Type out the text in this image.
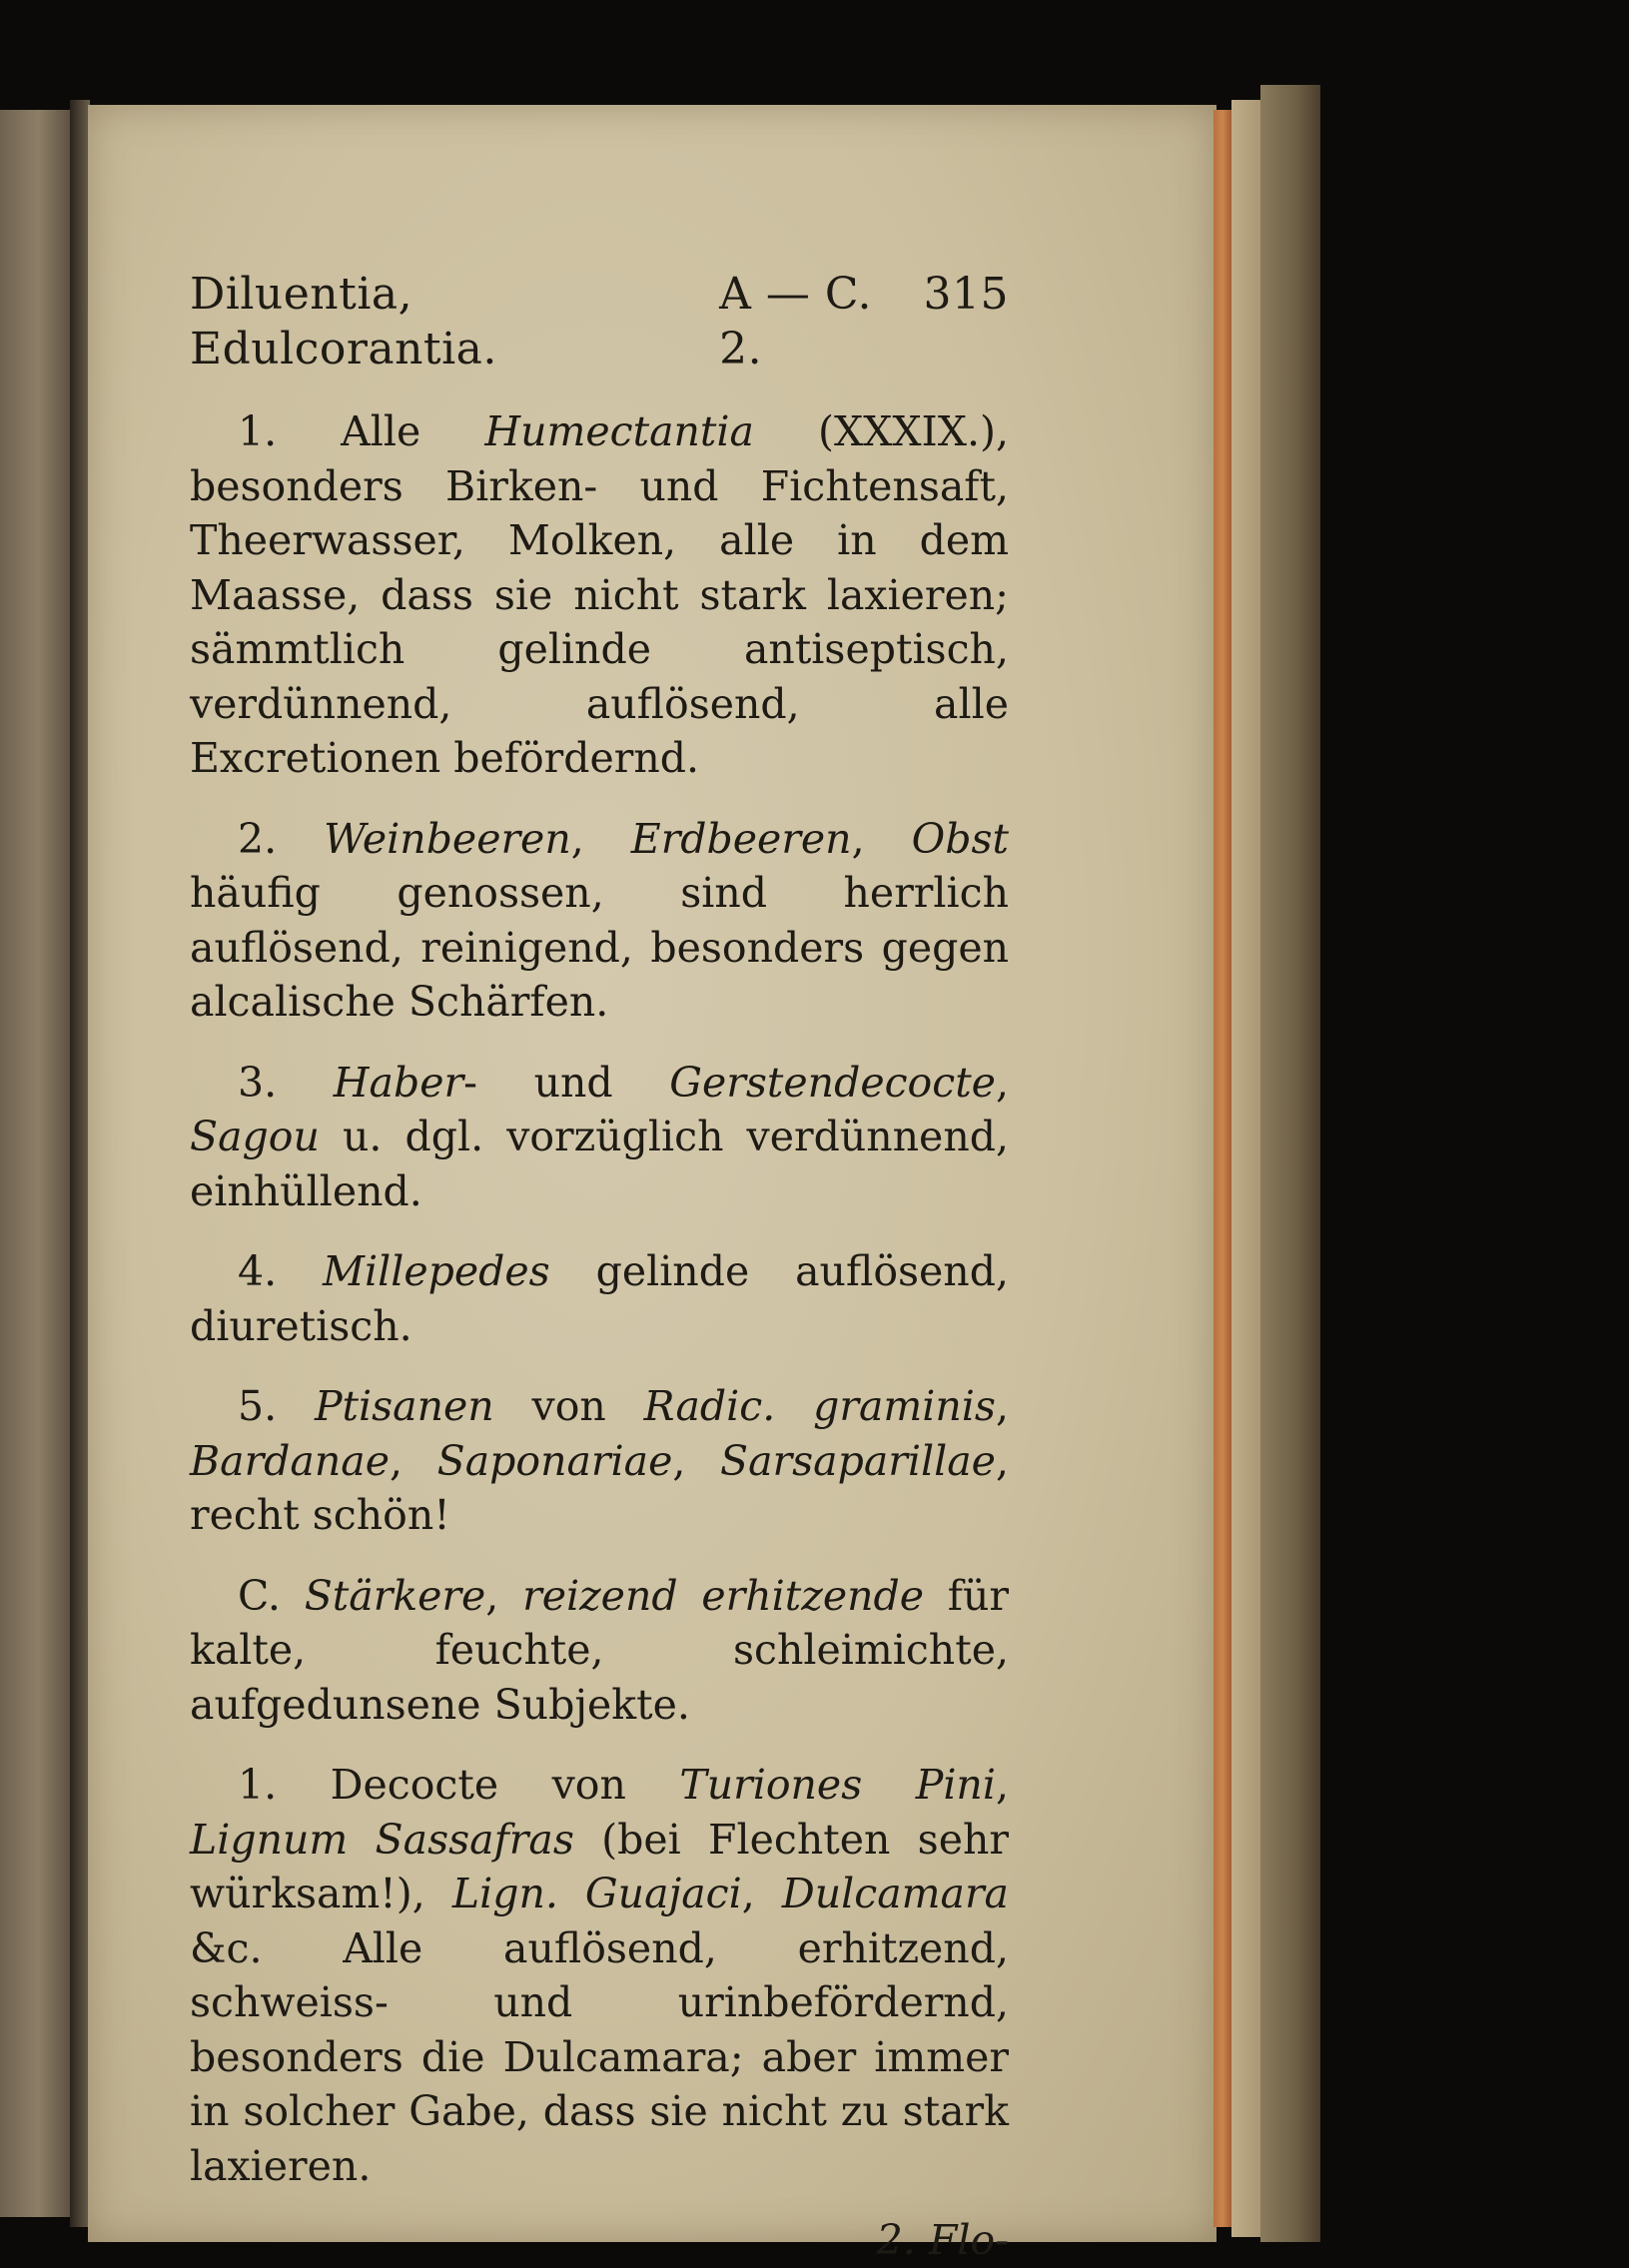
Diluentia, Edulcorantia.
A — C. 2.
315

1. Alle Humectantia (XXXIX.), besonders Birken- und Fichtensaft, Theerwasser, Molken, alle in dem Maasse, dass sie nicht stark laxieren; sämmtlich gelinde antiseptisch, verdünnend, auflösend, alle Excretionen befördernd.

2. Weinbeeren, Erdbeeren, Obst häufig genossen, sind herrlich auflösend, reinigend, besonders gegen alcalische Schärfen.

3. Haber- und Gerstendecocte, Sagou u. dgl. vorzüglich verdünnend, einhüllend.

4. Millepedes gelinde auflösend, diuretisch.

5. Ptisanen von Radic. graminis, Bardanae, Saponariae, Sarsaparillae, recht schön!

C. Stärkere, reizend erhitzende für kalte, feuchte, schleimichte, aufgedunsene Subjekte.

1. Decocte von Turiones Pini, Lignum Sassafras (bei Flechten sehr würksam!), Lign. Guajaci, Dulcamara &c. Alle auflösend, erhitzend, schweiss- und urinbefördernd, besonders die Dulcamara; aber immer in solcher Gabe, dass sie nicht zu stark laxieren.

2. Flo-
